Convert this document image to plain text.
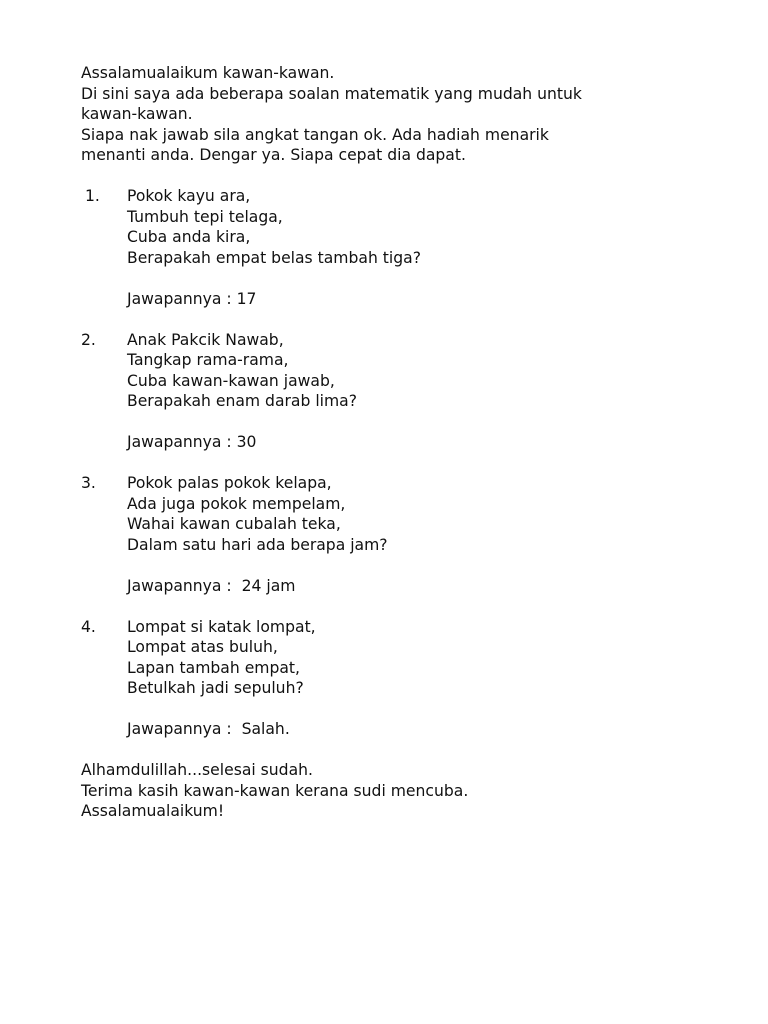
Assalamualaikum kawan-kawan.
Di sini saya ada beberapa soalan matematik yang mudah untuk
kawan-kawan.
Siapa nak jawab sila angkat tangan ok. Ada hadiah menarik
menanti anda. Dengar ya. Siapa cepat dia dapat.
1.	Pokok kayu ara,
Tumbuh tepi telaga,
Cuba anda kira,
Berapakah empat belas tambah tiga?
Jawapannya : 17
2.	Anak Pakcik Nawab,
Tangkap rama-rama,
Cuba kawan-kawan jawab,
Berapakah enam darab lima?
Jawapannya : 30
3.	Pokok palas pokok kelapa,
Ada juga pokok mempelam,
Wahai kawan cubalah teka,
Dalam satu hari ada berapa jam?
Jawapannya :  24 jam
4.	Lompat si katak lompat,
Lompat atas buluh,
Lapan tambah empat,
Betulkah jadi sepuluh?
Jawapannya :  Salah.
Alhamdulillah...selesai sudah.
Terima kasih kawan-kawan kerana sudi mencuba.
Assalamualaikum!
